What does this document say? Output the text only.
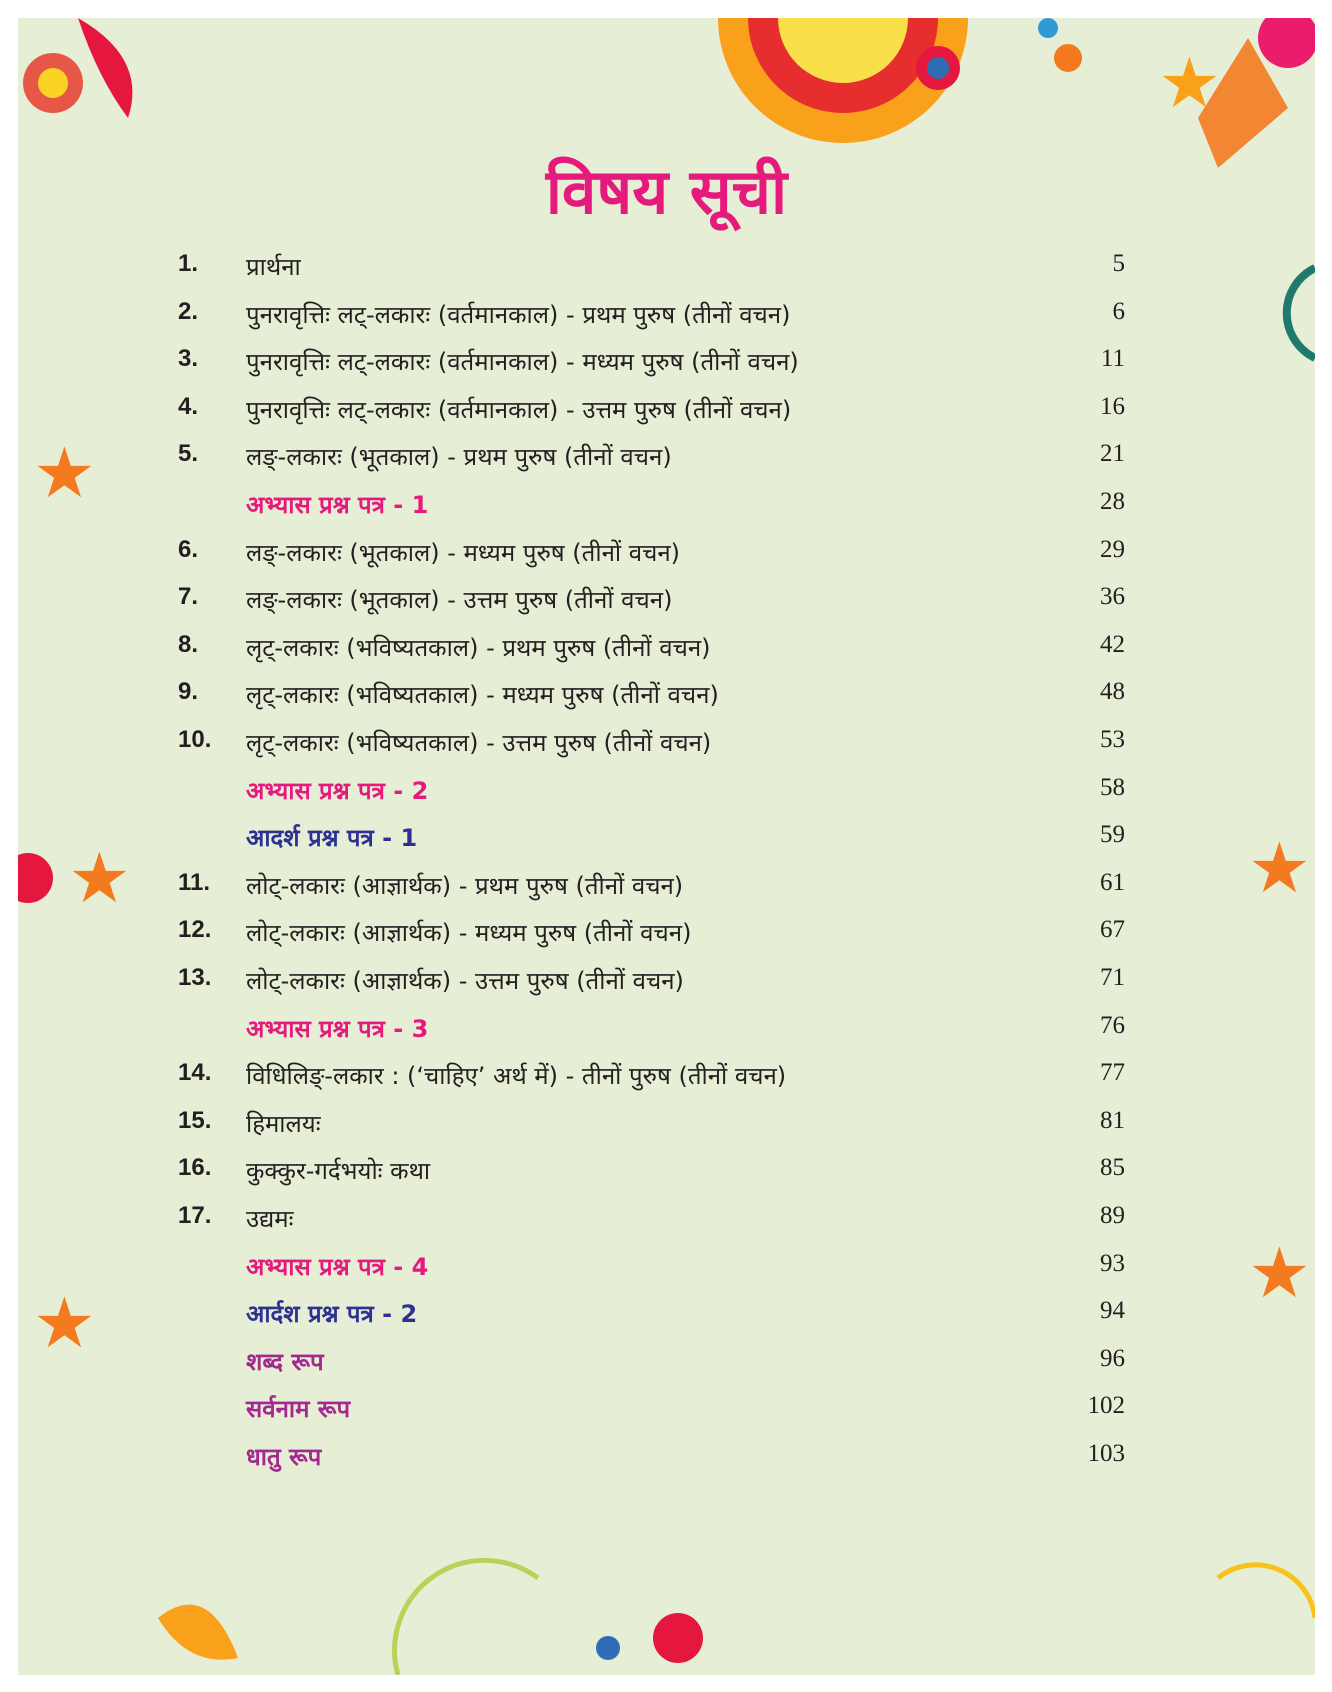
★
★
★
★
★
★
विषय सूची
1. प्रार्थना	5
2. पुनरावृत्तिः लट्-लकारः (वर्तमानकाल) - प्रथम पुरुष (तीनों वचन)	6
3. पुनरावृत्तिः लट्-लकारः (वर्तमानकाल) - मध्यम पुरुष (तीनों वचन)	11
4. पुनरावृत्तिः लट्-लकारः (वर्तमानकाल) - उत्तम पुरुष (तीनों वचन)	16
5. लङ्-लकारः (भूतकाल) - प्रथम पुरुष (तीनों वचन)	21
अभ्यास प्रश्न पत्र - 1	28
6. लङ्-लकारः (भूतकाल) - मध्यम पुरुष (तीनों वचन)	29
7. लङ्-लकारः (भूतकाल) - उत्तम पुरुष (तीनों वचन)	36
8. लृट्-लकारः (भविष्यतकाल) - प्रथम पुरुष (तीनों वचन)	42
9. लृट्-लकारः (भविष्यतकाल) - मध्यम पुरुष (तीनों वचन)	48
10. लृट्-लकारः (भविष्यतकाल) - उत्तम पुरुष (तीनों वचन)	53
अभ्यास प्रश्न पत्र - 2	58
आदर्श प्रश्न पत्र - 1	59
11. लोट्-लकारः (आज्ञार्थक) - प्रथम पुरुष (तीनों वचन)	61
12. लोट्-लकारः (आज्ञार्थक) - मध्यम पुरुष (तीनों वचन)	67
13. लोट्-लकारः (आज्ञार्थक) - उत्तम पुरुष (तीनों वचन)	71
अभ्यास प्रश्न पत्र - 3	76
14. विधिलिङ्-लकार : (‘चाहिए’ अर्थ में) - तीनों पुरुष (तीनों वचन)	77
15. हिमालयः	81
16. कुक्कुर-गर्दभयोः कथा	85
17. उद्यमः	89
अभ्यास प्रश्न पत्र - 4	93
आर्दश प्रश्न पत्र - 2	94
शब्द रूप	96
सर्वनाम रूप	102
धातु रूप	103
